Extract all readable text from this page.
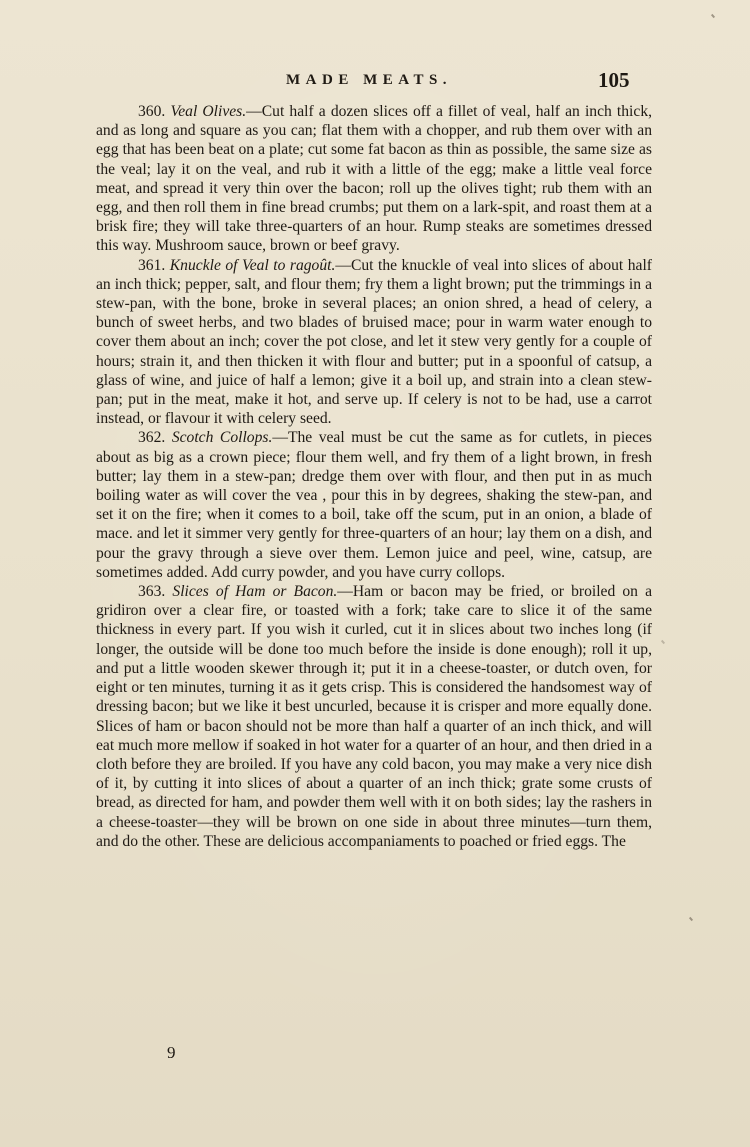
MADE MEATS.	105

360. Veal Olives.—Cut half a dozen slices off a fillet of veal, half an inch thick, and as long and square as you can; flat them with a chopper, and rub them over with an egg that has been beat on a plate; cut some fat bacon as thin as possible, the same size as the veal; lay it on the veal, and rub it with a little of the egg; make a little veal force meat, and spread it very thin over the bacon; roll up the olives tight; rub them with an egg, and then roll them in fine bread crumbs; put them on a lark-spit, and roast them at a brisk fire; they will take three-quarters of an hour. Rump steaks are sometimes dressed this way. Mushroom sauce, brown or beef gravy.

361. Knuckle of Veal to ragoût.—Cut the knuckle of veal into slices of about half an inch thick; pepper, salt, and flour them; fry them a light brown; put the trimmings in a stew-pan, with the bone, broke in several places; an onion shred, a head of celery, a bunch of sweet herbs, and two blades of bruised mace; pour in warm water enough to cover them about an inch; cover the pot close, and let it stew very gently for a couple of hours; strain it, and then thicken it with flour and butter; put in a spoonful of catsup, a glass of wine, and juice of half a lemon; give it a boil up, and strain into a clean stew-pan; put in the meat, make it hot, and serve up. If celery is not to be had, use a carrot instead, or flavour it with celery seed.

362. Scotch Collops.—The veal must be cut the same as for cutlets, in pieces about as big as a crown piece; flour them well, and fry them of a light brown, in fresh butter; lay them in a stew-pan; dredge them over with flour, and then put in as much boiling water as will cover the vea , pour this in by degrees, shaking the stew-pan, and set it on the fire; when it comes to a boil, take off the scum, put in an onion, a blade of mace. and let it simmer very gently for three-quarters of an hour; lay them on a dish, and pour the gravy through a sieve over them. Lemon juice and peel, wine, catsup, are sometimes added. Add curry powder, and you have curry collops.

363. Slices of Ham or Bacon.—Ham or bacon may be fried, or broiled on a gridiron over a clear fire, or toasted with a fork; take care to slice it of the same thickness in every part. If you wish it curled, cut it in slices about two inches long (if longer, the outside will be done too much before the inside is done enough); roll it up, and put a little wooden skewer through it; put it in a cheese-toaster, or dutch oven, for eight or ten minutes, turning it as it gets crisp. This is considered the handsomest way of dressing bacon; but we like it best uncurled, because it is crisper and more equally done. Slices of ham or bacon should not be more than half a quarter of an inch thick, and will eat much more mellow if soaked in hot water for a quarter of an hour, and then dried in a cloth before they are broiled. If you have any cold bacon, you may make a very nice dish of it, by cutting it into slices of about a quarter of an inch thick; grate some crusts of bread, as directed for ham, and powder them well with it on both sides; lay the rashers in a cheese-toaster—they will be brown on one side in about three minutes—turn them, and do the other. These are delicious accompaniaments to poached or fried eggs. The

9
